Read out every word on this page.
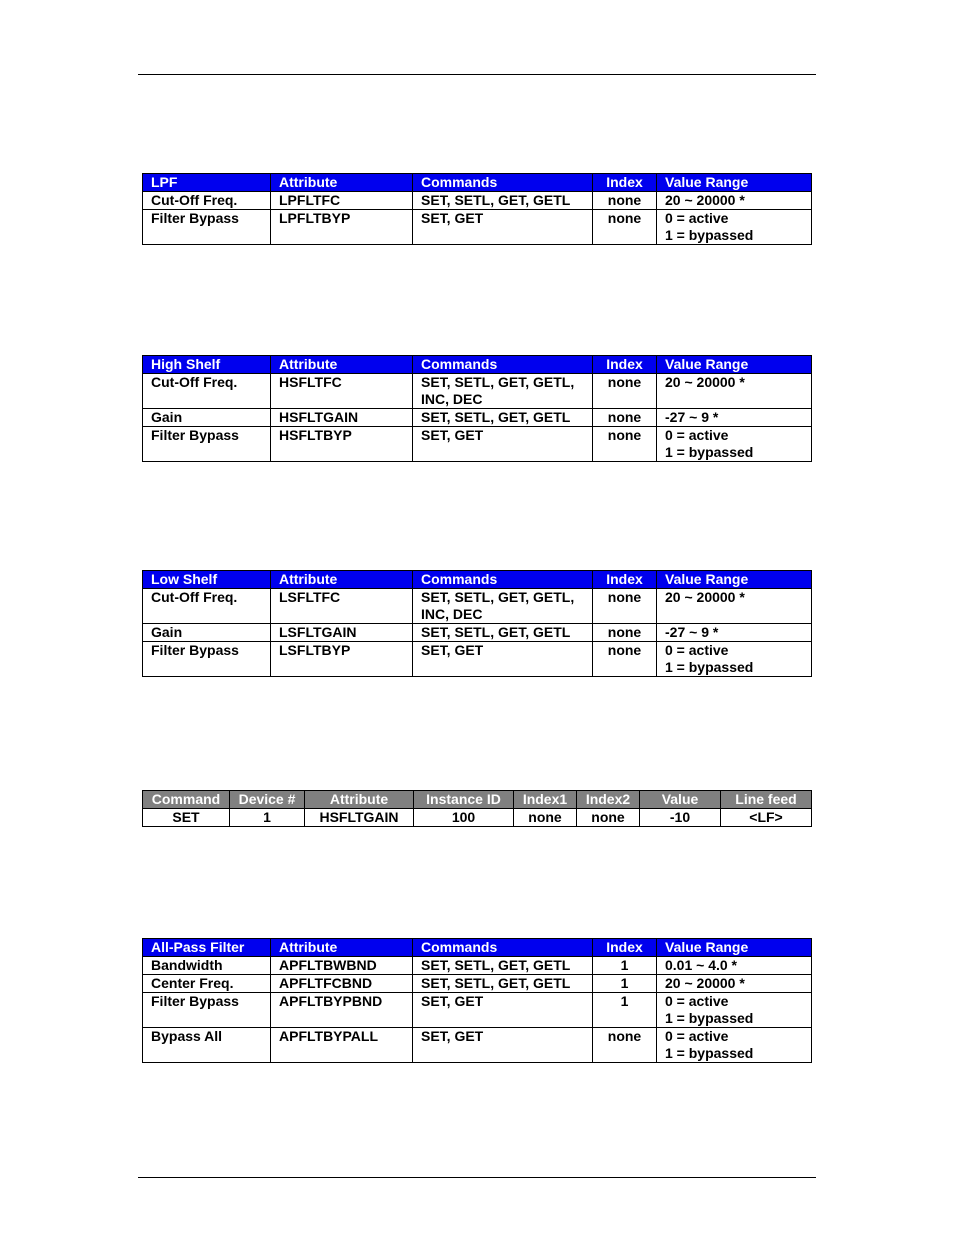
LPF	Attribute	Commands	Index	Value Range
Cut-Off Freq.	LPFLTFC	SET, SETL, GET, GETL	none	20 ~ 20000 *

Filter Bypass	LPFLTBYP	SET, GET	none	0 = active
1 = bypassed
High Shelf	Attribute	Commands	Index	Value Range
Cut-Off Freq.	HSFLTFC	SET, SETL, GET, GETL,
INC, DEC	none	20 ~ 20000 *

Gain	HSFLTGAIN	SET, SETL, GET, GETL	none	-27 ~ 9 *

Filter Bypass	HSFLTBYP	SET, GET	none	0 = active
1 = bypassed
Low Shelf	Attribute	Commands	Index	Value Range
Cut-Off Freq.	LSFLTFC	SET, SETL, GET, GETL,
INC, DEC	none	20 ~ 20000 *

Gain	LSFLTGAIN	SET, SETL, GET, GETL	none	-27 ~ 9 *

Filter Bypass	LSFLTBYP	SET, GET	none	0 = active
1 = bypassed
Command	Device #	Attribute	Instance ID	Index1	Index2	Value	Line feed
SET	1	HSFLTGAIN	100	none	none	-10	<LF>
All-Pass Filter	Attribute	Commands	Index	Value Range
Bandwidth	APFLTBWBND	SET, SETL, GET, GETL	1	0.01 ~ 4.0 *

Center Freq.	APFLTFCBND	SET, SETL, GET, GETL	1	20 ~ 20000 *

Filter Bypass	APFLTBYPBND	SET, GET	1	0 = active
1 = bypassed

Bypass All	APFLTBYPALL	SET, GET	none	0 = active
1 = bypassed
